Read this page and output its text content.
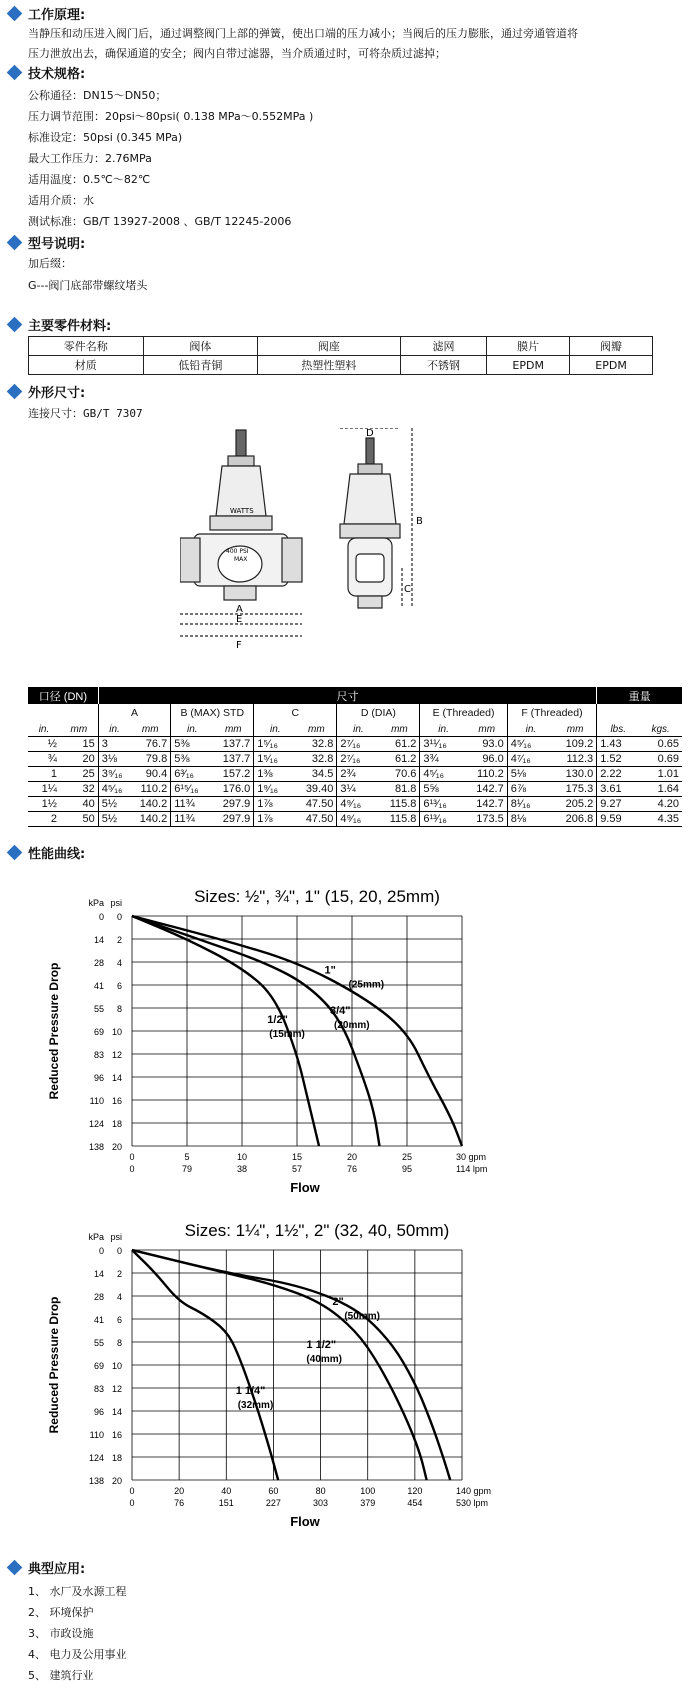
工作原理:
当静压和动压进入阀门后，通过调整阀门上部的弹簧，使出口端的压力减小；当阀后的压力膨胀，通过旁通管道将
压力泄放出去，确保通道的安全；阀内自带过滤器，当介质通过时，可将杂质过滤掉；
技术规格:
公称通径：DN15～DN50；
压力调节范围：20psi～80psi( 0.138 MPa～0.552MPa )
标准设定：50psi (0.345 MPa)
最大工作压力：2.76MPa
适用温度：0.5℃～82℃
适用介质：水
测试标准：GB/T 13927-2008 、GB/T 12245-2006
型号说明:
加后缀：
G---阀门底部带螺纹堵头
主要零件材料:
零件名称	阀体	阀座	滤网	膜片	阀瓣
材质	低铅青铜	热塑性塑料	不锈钢	EPDM	EPDM
外形尺寸:
连接尺寸：GB/T 7307
WATTS
400 PSI
MAX
A
E
F
D
B
C
口径 (DN)		尺寸												重量	
		A		B (MAX) STD		C		D (DIA)		E (Threaded)		F (Threaded)			
in.	mm	in.	mm	in.	mm	in.	mm	in.	mm	in.	mm	in.	mm	lbs.	kgs.
½	15	3	76.7	5⅜	137.7	1⁵⁄₁₆	32.8	2⁷⁄₁₆	61.2	3¹¹⁄₁₆	93.0	4⁵⁄₁₆	109.2	1.43	0.65
¾	20	3⅛	79.8	5⅜	137.7	1⁵⁄₁₆	32.8	2⁷⁄₁₆	61.2	3¾	96.0	4⁷⁄₁₆	112.3	1.52	0.69
1	25	3⁹⁄₁₆	90.4	6³⁄₁₆	157.2	1⅜	34.5	2¾	70.6	4⁵⁄₁₆	110.2	5⅛	130.0	2.22	1.01
1¼	32	4⁵⁄₁₆	110.2	6¹⁵⁄₁₆	176.0	1⁹⁄₁₆	39.40	3¼	81.8	5⅝	142.7	6⅞	175.3	3.61	1.64
1½	40	5½	140.2	11¾	297.9	1⅞	47.50	4⁹⁄₁₆	115.8	6¹³⁄₁₆	142.7	8¹⁄₁₆	205.2	9.27	4.20
2	50	5½	140.2	11¾	297.9	1⅞	47.50	4⁹⁄₁₆	115.8	6¹³⁄₁₆	173.5	8⅛	206.8	9.59	4.35
性能曲线:
Sizes: ½", ¾", 1" (15, 20, 25mm)
0 0
14 2
28 4
41 6
55 8
69 10
83 12
96 14
110 16
124 18
138 20
kPa psi
0
0
5
79
10
38
15
57
20
76
25
95
30 gpm
114 lpm
Flow
Reduced Pressure Drop	1/2"
(15mm)
3/4"
(20mm)
1"
(25mm)
Sizes: 1¼", 1½", 2" (32, 40, 50mm)
0 0
14 2
28 4
41 6
55 8
69 10
83 12
96 14
110 16
124 18
138 20
kPa psi
0
0
20
76
40
151
60
227
80
303
100
379
120
454
140 gpm
530 lpm
Flow
Reduced Pressure Drop	1 1/4"
(32mm)
1 1/2"
(40mm)
2"
(50mm)
典型应用:
1、 水厂及水源工程
2、 环境保护
3、 市政设施
4、 电力及公用事业
5、 建筑行业
